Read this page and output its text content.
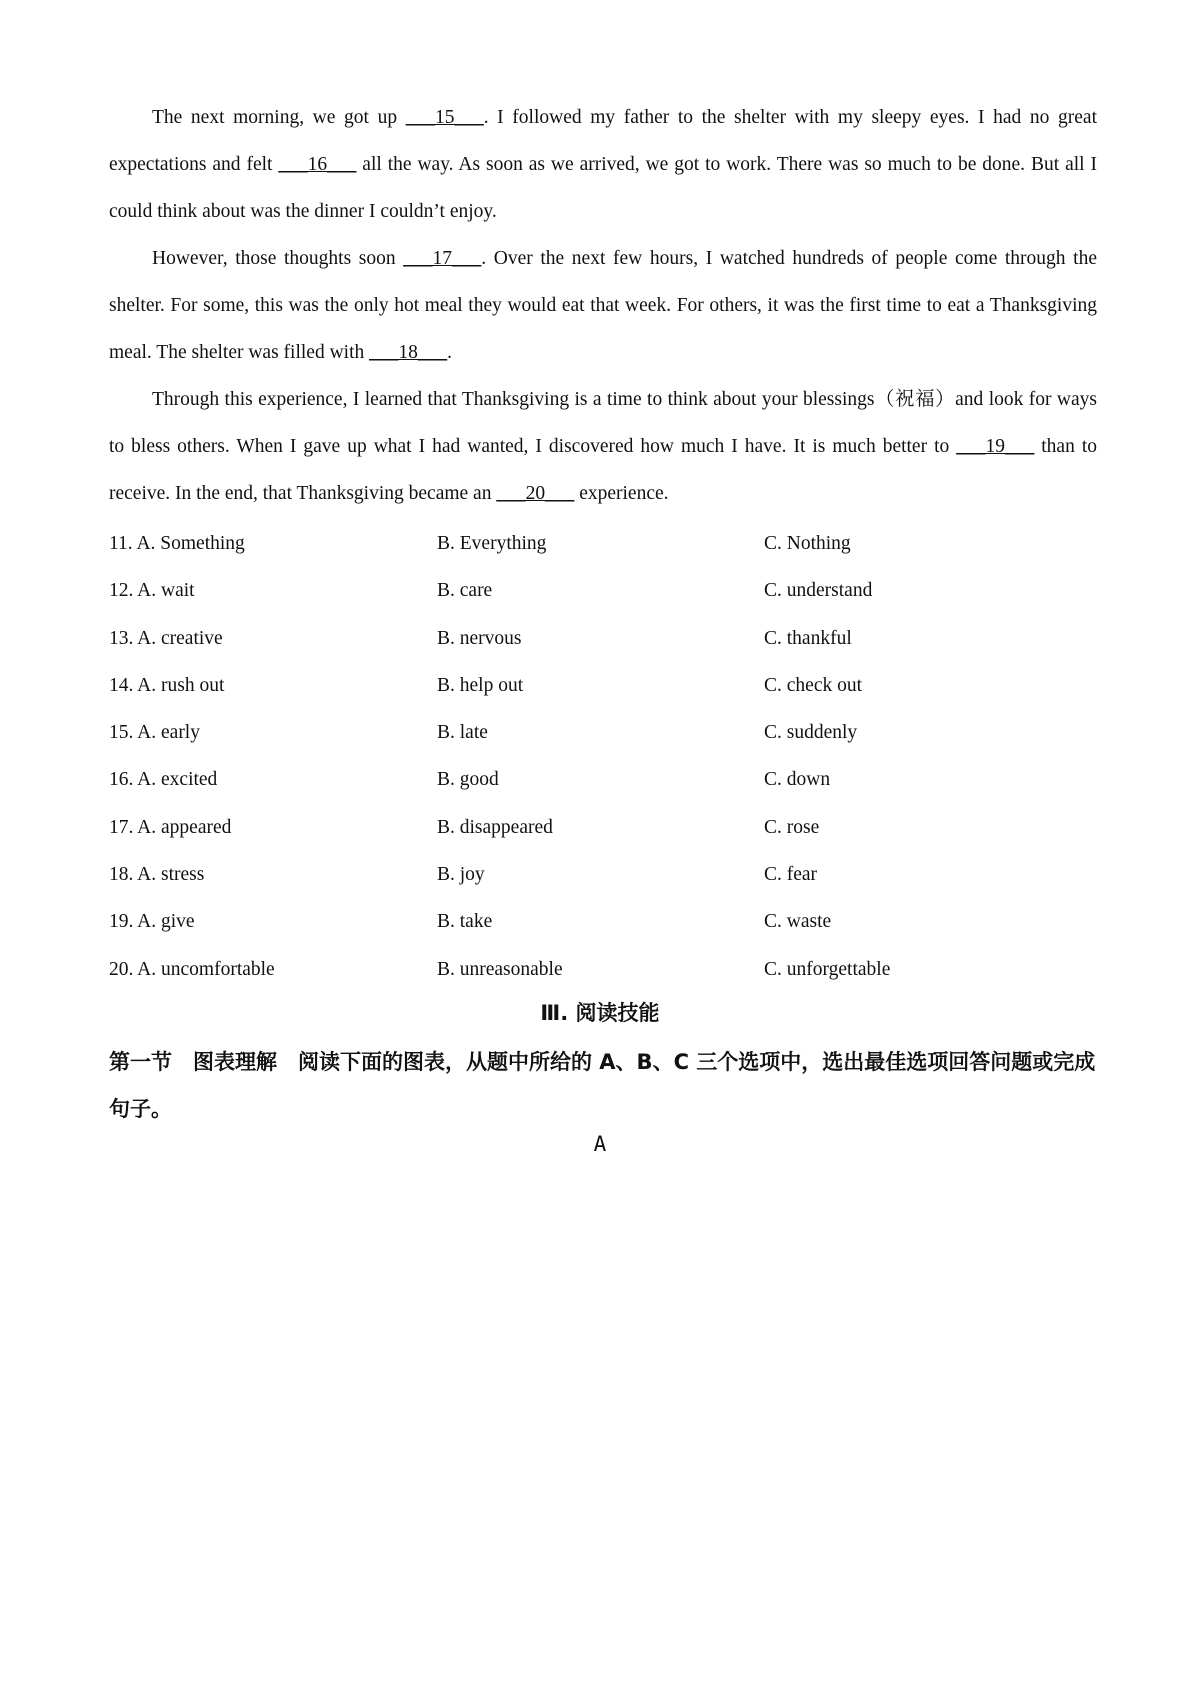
The next morning, we got up ___15___. I followed my father to the shelter with my sleepy eyes. I had no great expectations and felt ___16___ all the way. As soon as we arrived, we got to work. There was so much to be done. But all I could think about was the dinner I couldn’t enjoy.

However, those thoughts soon ___17___. Over the next few hours, I watched hundreds of people come through the shelter. For some, this was the only hot meal they would eat that week. For others, it was the first time to eat a Thanksgiving meal. The shelter was filled with ___18___.

Through this experience, I learned that Thanksgiving is a time to think about your blessings（祝福）and look for ways to bless others. When I gave up what I had wanted, I discovered how much I have. It is much better to ___19___ than to receive. In the end, that Thanksgiving became an ___20___ experience.

11. A. Something	B. Everything	C. Nothing
12. A. wait	B. care	C. understand
13. A. creative	B. nervous	C. thankful
14. A. rush out	B. help out	C. check out
15. A. early	B. late	C. suddenly
16. A. excited	B. good	C. down
17. A. appeared	B. disappeared	C. rose
18. A. stress	B. joy	C. fear
19. A. give	B. take	C. waste
20. A. uncomfortable	B. unreasonable	C. unforgettable
Ⅲ. 阅读技能
第一节　图表理解　阅读下面的图表，从题中所给的 A、B、C 三个选项中，选出最佳选项回答问题或完成句子。
A
